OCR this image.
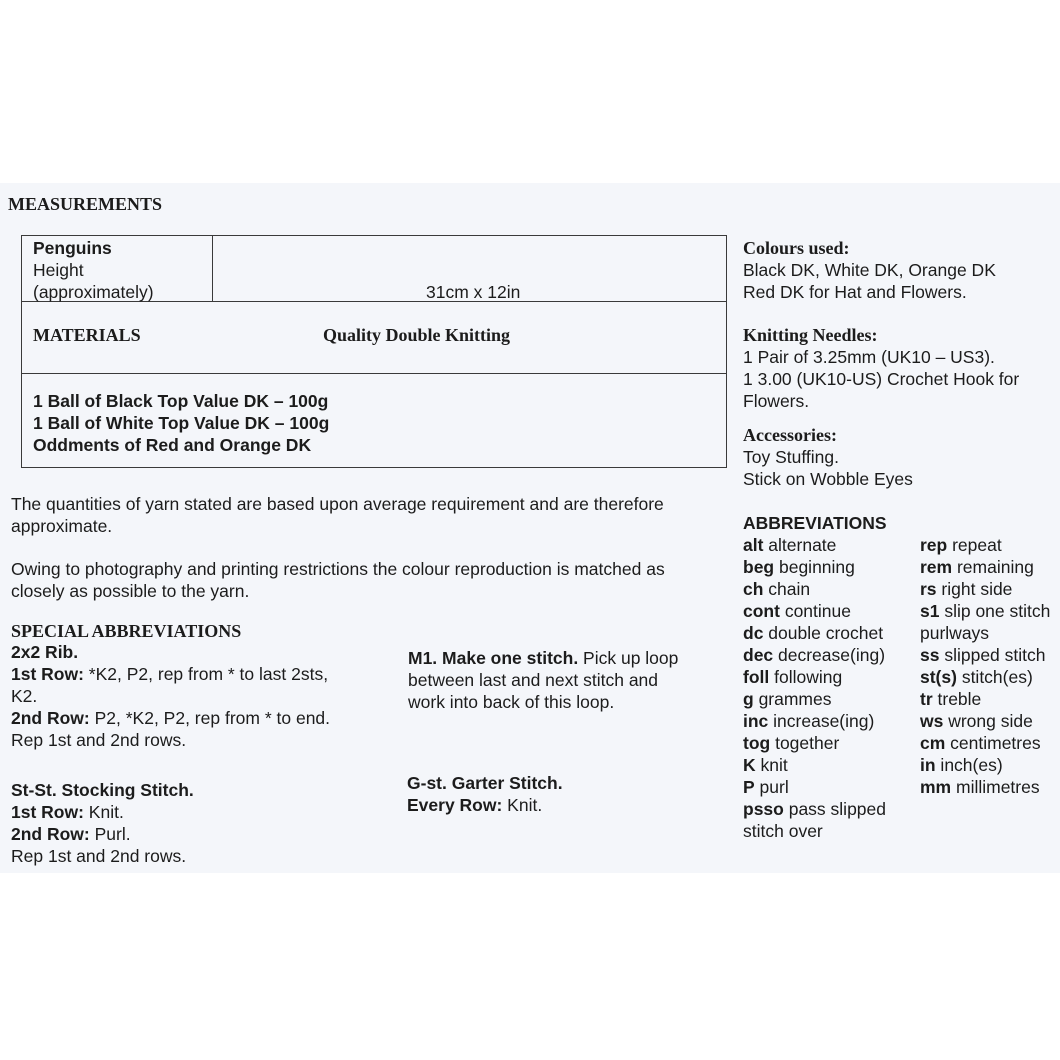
MEASUREMENTS
Penguins
Height
(approximately)	31cm x 12in
MATERIALS	Quality Double Knitting
1 Ball of Black Top Value DK – 100g
1 Ball of White Top Value DK – 100g
Oddments of Red and Orange DK
The quantities of yarn stated are based upon average requirement and are therefore
approximate.
Owing to photography and printing restrictions the colour reproduction is matched as
closely as possible to the yarn.
SPECIAL ABBREVIATIONS
2x2 Rib.
1st Row: *K2, P2, rep from * to last 2sts,
K2.
2nd Row: P2, *K2, P2, rep from * to end.
Rep 1st and 2nd rows.
M1. Make one stitch. Pick up loop
between last and next stitch and
work into back of this loop.
St-St. Stocking Stitch.
1st Row: Knit.
2nd Row: Purl.
Rep 1st and 2nd rows.
G-st. Garter Stitch.
Every Row: Knit.
Colours used:
Black DK, White DK, Orange DK
Red DK for Hat and Flowers.
Knitting Needles:
1 Pair of 3.25mm (UK10 – US3).
1 3.00 (UK10-US) Crochet Hook for
Flowers.
Accessories:
Toy Stuffing.
Stick on Wobble Eyes
ABBREVIATIONS
alt alternate
beg beginning
ch chain
cont continue
dc double crochet
dec decrease(ing)
foll following
g grammes
inc increase(ing)
tog together
K knit
P purl
psso pass slipped
stitch over
rep repeat
rem remaining
rs right side
s1 slip one stitch
purlways
ss slipped stitch
st(s) stitch(es)
tr treble
ws wrong side
cm centimetres
in inch(es)
mm millimetres
